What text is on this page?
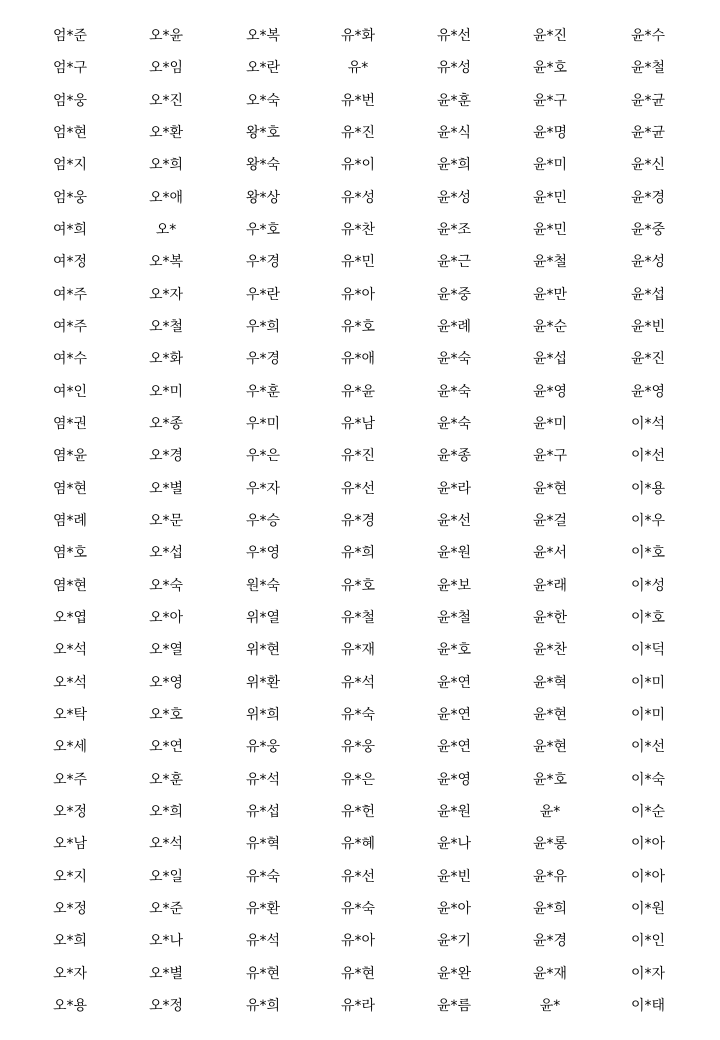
엄*준
엄*구
엄*웅
엄*현
엄*지
엄*웅
여*희
여*정
여*주
여*주
여*수
여*인
염*권
염*윤
염*현
염*례
염*호
염*현
오*엽
오*석
오*석
오*탁
오*세
오*주
오*정
오*남
오*지
오*정
오*희
오*자
오*용
오*윤
오*임
오*진
오*환
오*희
오*애
오*
오*복
오*자
오*철
오*화
오*미
오*종
오*경
오*별
오*문
오*섭
오*숙
오*아
오*열
오*영
오*호
오*연
오*훈
오*희
오*석
오*일
오*준
오*나
오*별
오*정
오*복
오*란
오*숙
왕*호
왕*숙
왕*상
우*호
우*경
우*란
우*희
우*경
우*훈
우*미
우*은
우*자
우*승
우*영
원*숙
위*열
위*현
위*환
위*희
유*웅
유*석
유*섭
유*혁
유*숙
유*환
유*석
유*현
유*희
유*화
유*
유*번
유*진
유*이
유*성
유*찬
유*민
유*아
유*호
유*애
유*윤
유*남
유*진
유*선
유*경
유*희
유*호
유*철
유*재
유*석
유*숙
유*웅
유*은
유*헌
유*혜
유*선
유*숙
유*아
유*현
유*라
유*선
유*성
윤*훈
윤*식
윤*희
윤*성
윤*조
윤*근
윤*중
윤*례
윤*숙
윤*숙
윤*숙
윤*종
윤*라
윤*선
윤*원
윤*보
윤*철
윤*호
윤*연
윤*연
윤*연
윤*영
윤*원
윤*나
윤*빈
윤*아
윤*기
윤*완
윤*름
윤*진
윤*호
윤*구
윤*명
윤*미
윤*민
윤*민
윤*철
윤*만
윤*순
윤*섭
윤*영
윤*미
윤*구
윤*현
윤*걸
윤*서
윤*래
윤*한
윤*찬
윤*혁
윤*현
윤*현
윤*호
윤*
윤*롱
윤*유
윤*희
윤*경
윤*재
윤*
윤*수
윤*철
윤*균
윤*균
윤*신
윤*경
윤*중
윤*성
윤*섭
윤*빈
윤*진
윤*영
이*석
이*선
이*용
이*우
이*호
이*성
이*호
이*덕
이*미
이*미
이*선
이*숙
이*순
이*아
이*아
이*원
이*인
이*자
이*태
